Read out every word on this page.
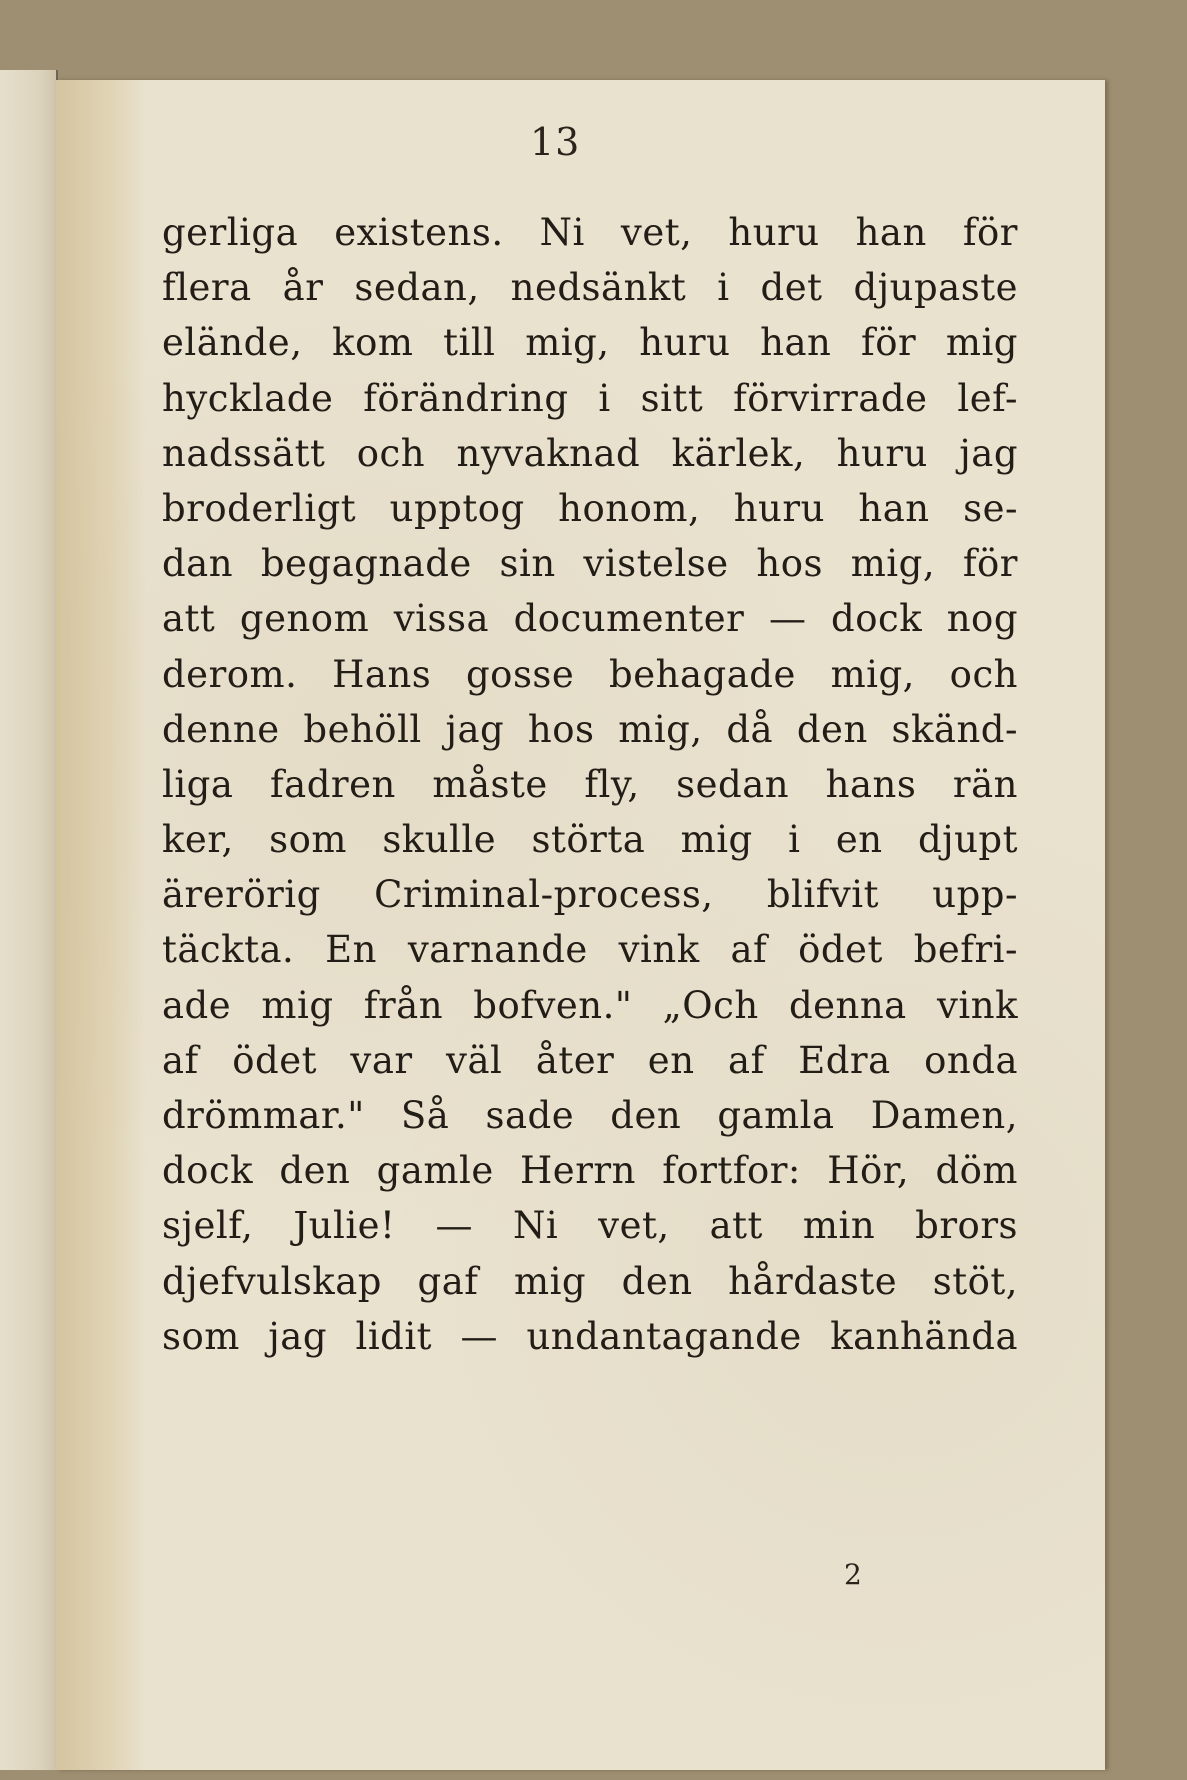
13
gerliga existens. Ni vet, huru han för
flera år sedan, nedsänkt i det djupaste
elände, kom till mig, huru han för mig
hycklade förändring i sitt förvirrade lef-
nadssätt och nyvaknad kärlek, huru jag
broderligt upptog honom, huru han se-
dan begagnade sin vistelse hos mig, för
att genom vissa documenter — dock nog
derom. Hans gosse behagade mig, och
denne behöll jag hos mig, då den skänd-
liga fadren måste fly, sedan hans rän
ker, som skulle störta mig i en djupt
ärerörig Criminal-process, blifvit upp-
täckta. En varnande vink af ödet befri-
ade mig från bofven." „Och denna vink
af ödet var väl åter en af Edra onda
drömmar." Så sade den gamla Damen,
dock den gamle Herrn fortfor: Hör, döm
sjelf, Julie! — Ni vet, att min brors
djefvulskap gaf mig den hårdaste stöt,
som jag lidit — undantagande kanhända
2
